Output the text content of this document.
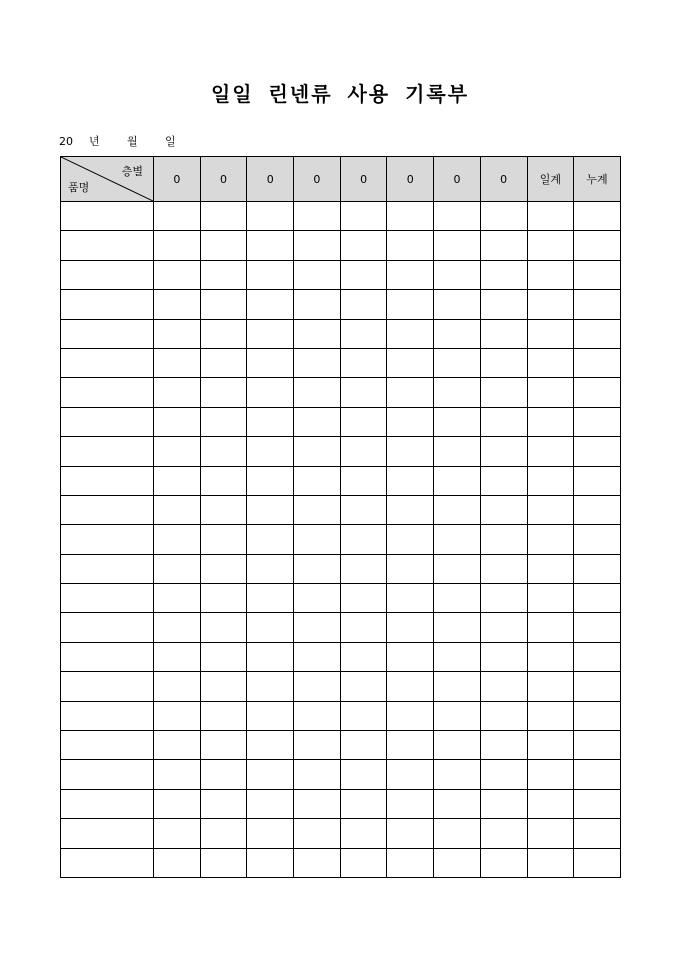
일일 린넨류 사용 기록부
20 년 월 일
층별
품명	0	0	0	0	0	0	0	0	일계	누계
